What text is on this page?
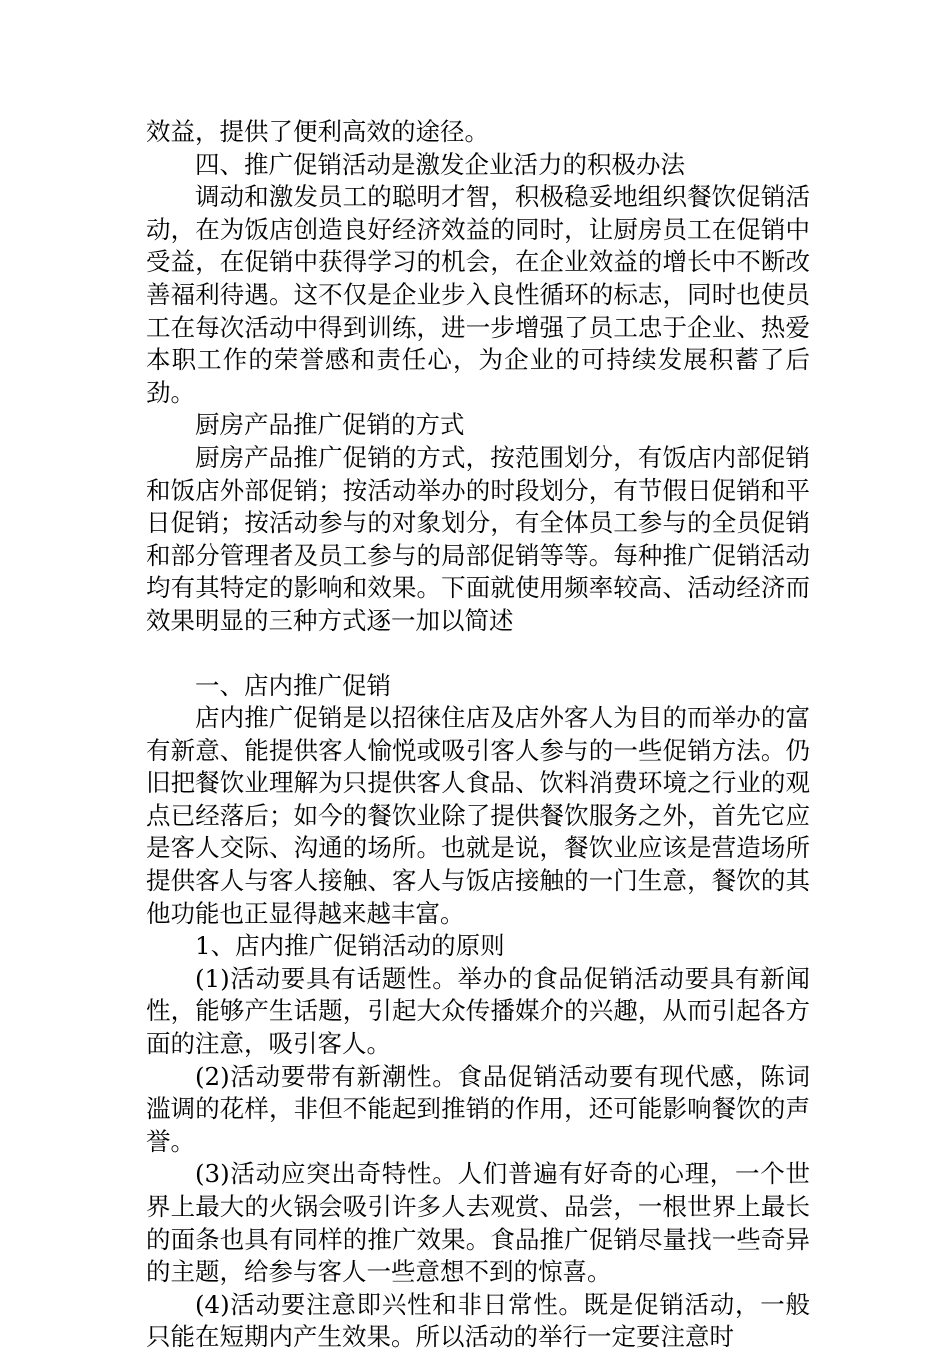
效益，提供了便利高效的途径。

四、推广促销活动是激发企业活力的积极办法

调动和激发员工的聪明才智，积极稳妥地组织餐饮促销活动，在为饭店创造良好经济效益的同时，让厨房员工在促销中受益，在促销中获得学习的机会，在企业效益的增长中不断改善福利待遇。这不仅是企业步入良性循环的标志，同时也使员工在每次活动中得到训练，进一步增强了员工忠于企业、热爱本职工作的荣誉感和责任心，为企业的可持续发展积蓄了后劲。

厨房产品推广促销的方式

厨房产品推广促销的方式，按范围划分，有饭店内部促销和饭店外部促销；按活动举办的时段划分，有节假日促销和平日促销；按活动参与的对象划分，有全体员工参与的全员促销和部分管理者及员工参与的局部促销等等。每种推广促销活动均有其特定的影响和效果。下面就使用频率较高、活动经济而效果明显的三种方式逐一加以简述

一、店内推广促销

店内推广促销是以招徕住店及店外客人为目的而举办的富有新意、能提供客人愉悦或吸引客人参与的一些促销方法。仍旧把餐饮业理解为只提供客人食品、饮料消费环境之行业的观点已经落后；如今的餐饮业除了提供餐饮服务之外，首先它应是客人交际、沟通的场所。也就是说，餐饮业应该是营造场所提供客人与客人接触、客人与饭店接触的一门生意，餐饮的其他功能也正显得越来越丰富。

1、店内推广促销活动的原则

(1)活动要具有话题性。举办的食品促销活动要具有新闻性，能够产生话题，引起大众传播媒介的兴趣，从而引起各方面的注意，吸引客人。

(2)活动要带有新潮性。食品促销活动要有现代感，陈词滥调的花样，非但不能起到推销的作用，还可能影响餐饮的声誉。

(3)活动应突出奇特性。人们普遍有好奇的心理，一个世界上最大的火锅会吸引许多人去观赏、品尝，一根世界上最长的面条也具有同样的推广效果。食品推广促销尽量找一些奇异的主题，给参与客人一些意想不到的惊喜。

(4)活动要注意即兴性和非日常性。既是促销活动，一般只能在短期内产生效果。所以活动的举行一定要注意时
